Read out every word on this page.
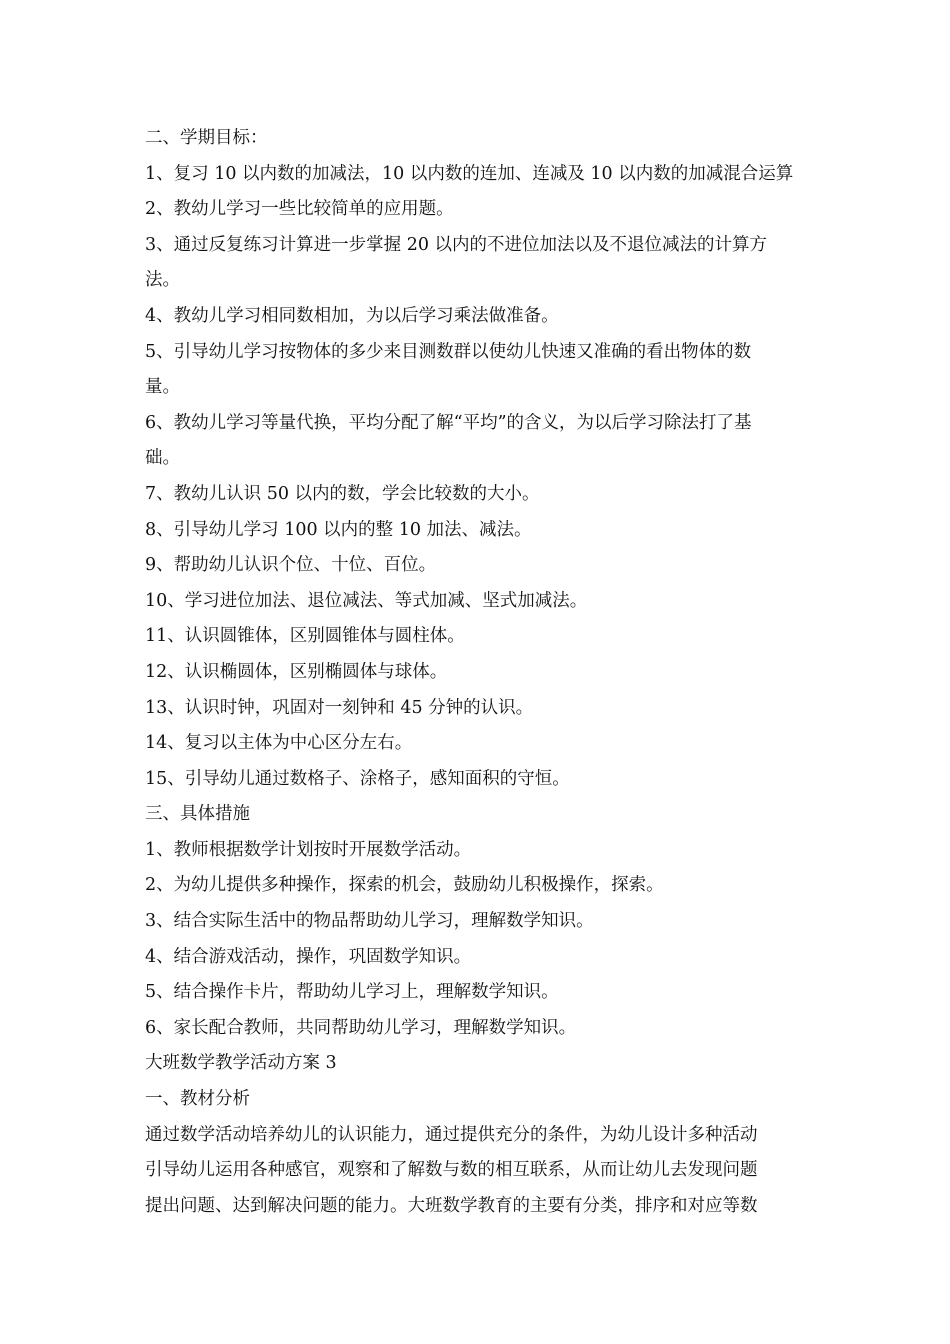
二、学期目标：
1、复习 10 以内数的加减法，10 以内数的连加、连减及 10 以内数的加减混合运算
2、教幼儿学习一些比较简单的应用题。
3、通过反复练习计算进一步掌握 20 以内的不进位加法以及不退位减法的计算方
法。
4、教幼儿学习相同数相加，为以后学习乘法做准备。
5、引导幼儿学习按物体的多少来目测数群以使幼儿快速又准确的看出物体的数
量。
6、教幼儿学习等量代换，平均分配了解“平均”的含义，为以后学习除法打了基
础。
7、教幼儿认识 50 以内的数，学会比较数的大小。
8、引导幼儿学习 100 以内的整 10 加法、减法。
9、帮助幼儿认识个位、十位、百位。
10、学习进位加法、退位减法、等式加减、坚式加减法。
11、认识圆锥体，区别圆锥体与圆柱体。
12、认识椭圆体，区别椭圆体与球体。
13、认识时钟，巩固对一刻钟和 45 分钟的认识。
14、复习以主体为中心区分左右。
15、引导幼儿通过数格子、涂格子，感知面积的守恒。
三、具体措施
1、教师根据数学计划按时开展数学活动。
2、为幼儿提供多种操作，探索的机会，鼓励幼儿积极操作，探索。
3、结合实际生活中的物品帮助幼儿学习，理解数学知识。
4、结合游戏活动，操作，巩固数学知识。
5、结合操作卡片，帮助幼儿学习上，理解数学知识。
6、家长配合教师，共同帮助幼儿学习，理解数学知识。
大班数学教学活动方案 3
一、教材分析
通过数学活动培养幼儿的认识能力，通过提供充分的条件，为幼儿设计多种活动
引导幼儿运用各种感官，观察和了解数与数的相互联系，从而让幼儿去发现问题
提出问题、达到解决问题的能力。大班数学教育的主要有分类，排序和对应等数
